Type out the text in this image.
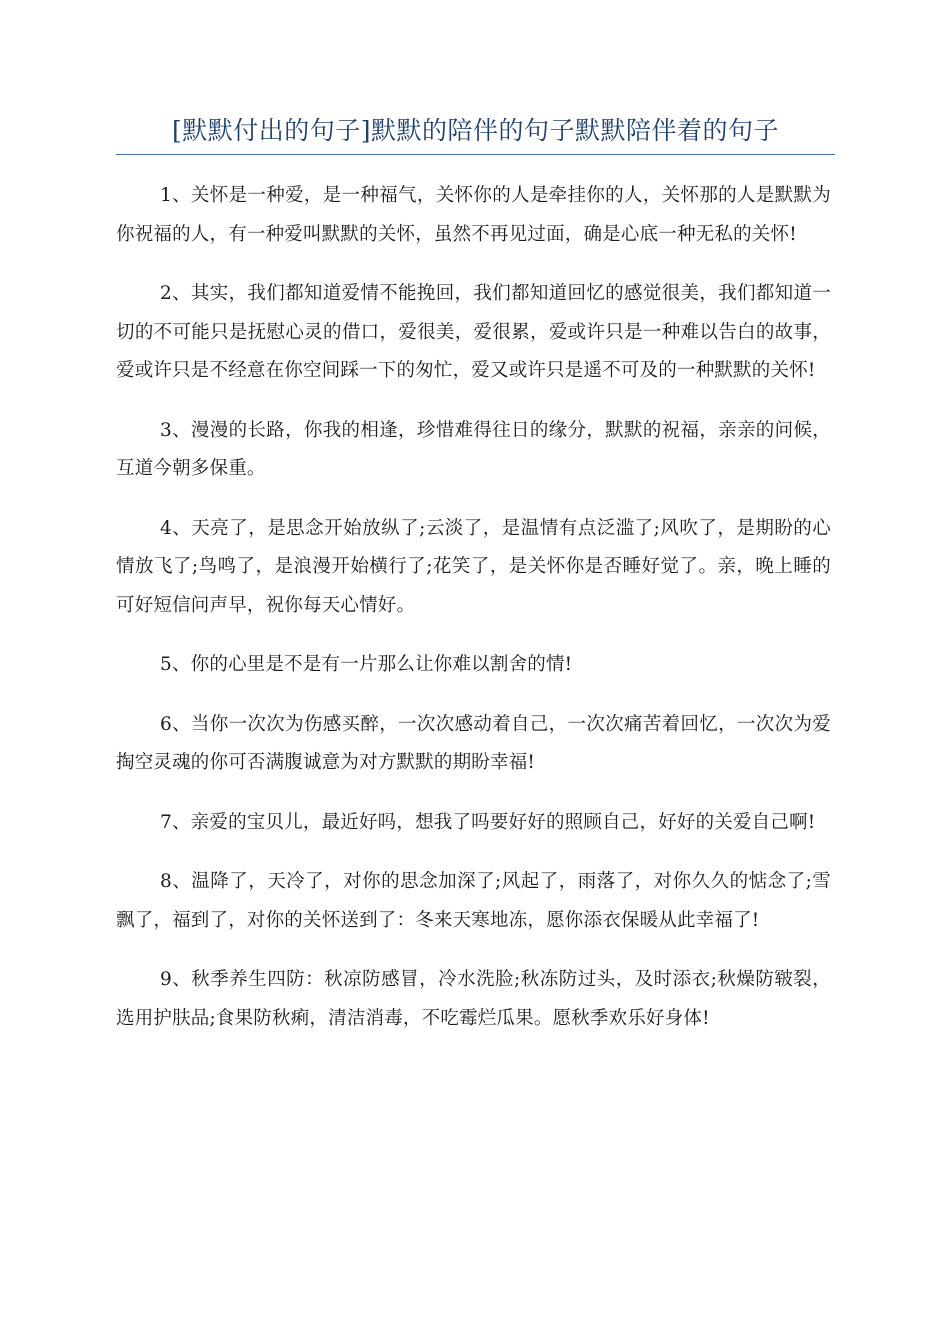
[默默付出的句子]默默的陪伴的句子默默陪伴着的句子

1、关怀是一种爱，是一种福气，关怀你的人是牵挂你的人，关怀那的人是默默为你祝福的人，有一种爱叫默默的关怀，虽然不再见过面，确是心底一种无私的关怀!

2、其实，我们都知道爱情不能挽回，我们都知道回忆的感觉很美，我们都知道一切的不可能只是抚慰心灵的借口，爱很美，爱很累，爱或许只是一种难以告白的故事，爱或许只是不经意在你空间踩一下的匆忙，爱又或许只是遥不可及的一种默默的关怀!

3、漫漫的长路，你我的相逢，珍惜难得往日的缘分，默默的祝福，亲亲的问候，互道今朝多保重。

4、天亮了，是思念开始放纵了;云淡了，是温情有点泛滥了;风吹了，是期盼的心情放飞了;鸟鸣了，是浪漫开始横行了;花笑了，是关怀你是否睡好觉了。亲，晚上睡的可好短信问声早，祝你每天心情好。

5、你的心里是不是有一片那么让你难以割舍的情!

6、当你一次次为伤感买醉，一次次感动着自己，一次次痛苦着回忆，一次次为爱掏空灵魂的你可否满腹诚意为对方默默的期盼幸福!

7、亲爱的宝贝儿，最近好吗，想我了吗要好好的照顾自己，好好的关爱自己啊!

8、温降了，天冷了，对你的思念加深了;风起了，雨落了，对你久久的惦念了;雪飘了，福到了，对你的关怀送到了：冬来天寒地冻，愿你添衣保暖从此幸福了!

9、秋季养生四防：秋凉防感冒，冷水洗脸;秋冻防过头，及时添衣;秋燥防皲裂，选用护肤品;食果防秋痢，清洁消毒，不吃霉烂瓜果。愿秋季欢乐好身体!
